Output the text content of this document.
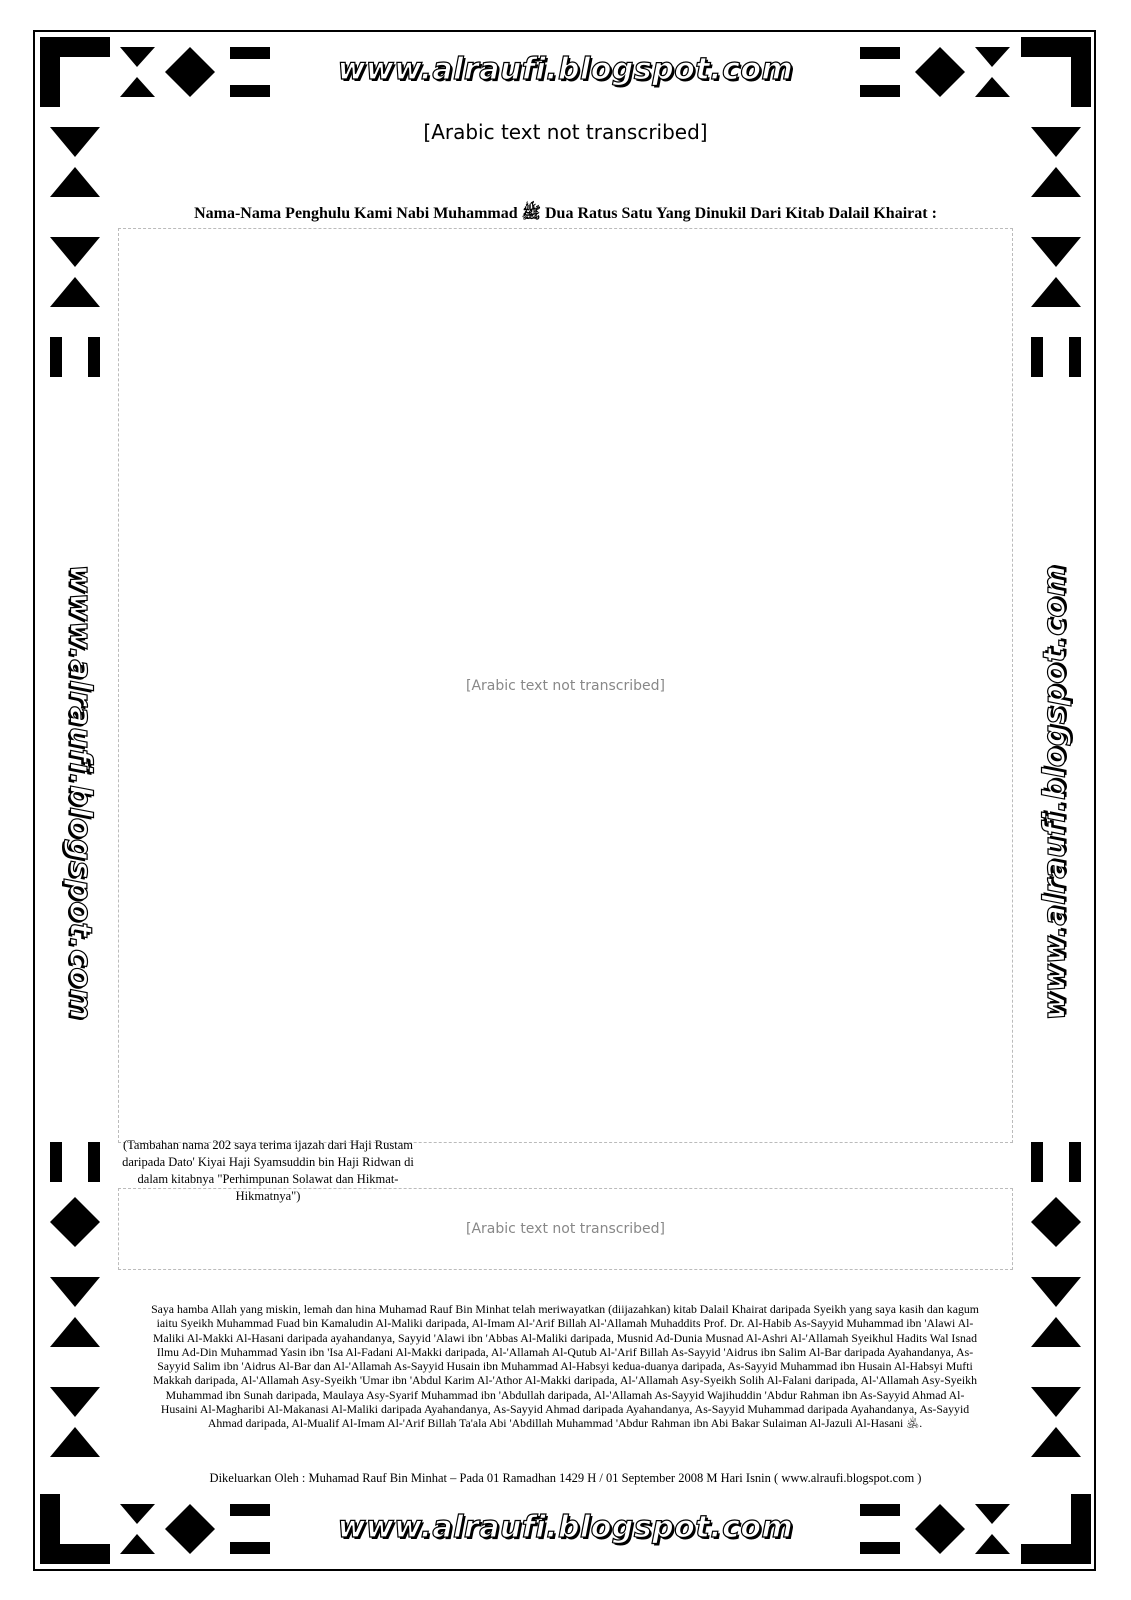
www.alraufi.blogspot.com
www.alraufi.blogspot.com
www.alraufi.blogspot.com	www.alraufi.blogspot.com
[Arabic text not transcribed]
Nama-Nama Penghulu Kami Nabi Muhammad ﷺ Dua Ratus Satu Yang Dinukil Dari Kitab Dalail Khairat :
[Arabic text not transcribed]
(Tambahan nama 202 saya terima ijazah dari Haji Rustam daripada Dato' Kiyai Haji Syamsuddin bin Haji Ridwan di dalam kitabnya "Perhimpunan Solawat dan Hikmat-Hikmatnya")
[Arabic text not transcribed]
Saya hamba Allah yang miskin, lemah dan hina Muhamad Rauf Bin Minhat telah meriwayatkan (diijazahkan) kitab Dalail Khairat daripada Syeikh yang saya kasih dan kagum iaitu Syeikh Muhammad Fuad bin Kamaludin Al-Maliki daripada, Al-Imam Al-'Arif Billah Al-'Allamah Muhaddits Prof. Dr. Al-Habib As-Sayyid Muhammad ibn 'Alawi Al-Maliki Al-Makki Al-Hasani daripada ayahandanya, Sayyid 'Alawi ibn 'Abbas Al-Maliki daripada, Musnid Ad-Dunia Musnad Al-Ashri Al-'Allamah Syeikhul Hadits Wal Isnad Ilmu Ad-Din Muhammad Yasin ibn 'Isa Al-Fadani Al-Makki daripada, Al-'Allamah Al-Qutub Al-'Arif Billah As-Sayyid 'Aidrus ibn Salim Al-Bar daripada Ayahandanya, As-Sayyid Salim ibn 'Aidrus Al-Bar dan Al-'Allamah As-Sayyid Husain ibn Muhammad Al-Habsyi kedua-duanya daripada, As-Sayyid Muhammad ibn Husain Al-Habsyi Mufti Makkah daripada, Al-'Allamah Asy-Syeikh 'Umar ibn 'Abdul Karim Al-'Athor Al-Makki daripada, Al-'Allamah Asy-Syeikh Solih Al-Falani daripada, Al-'Allamah Asy-Syeikh Muhammad ibn Sunah daripada, Maulaya Asy-Syarif Muhammad ibn 'Abdullah daripada, Al-'Allamah As-Sayyid Wajihuddin 'Abdur Rahman ibn As-Sayyid Ahmad Al-Husaini Al-Magharibi Al-Makanasi Al-Maliki daripada Ayahandanya, As-Sayyid Ahmad daripada Ayahandanya, As-Sayyid Muhammad daripada Ayahandanya, As-Sayyid Ahmad daripada, Al-Mualif Al-Imam Al-'Arif Billah Ta'ala Abi 'Abdillah Muhammad 'Abdur Rahman ibn Abi Bakar Sulaiman Al-Jazuli Al-Hasani ﵁.
Dikeluarkan Oleh : Muhamad Rauf Bin Minhat – Pada 01 Ramadhan 1429 H / 01 September 2008 M Hari Isnin ( www.alraufi.blogspot.com )
